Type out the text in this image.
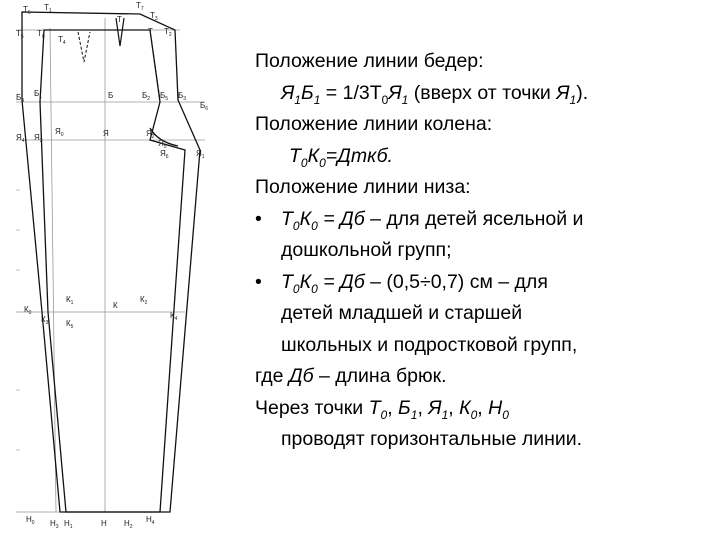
$Т_6$
$Т_1$
$Т_7$
$Т_3$
$Т_5$ $Т_0$ $Т_4$
Т
Т $Т_2$
$Б_4$
$Б_1$	Б	$Б_2$ $Б_5$ $Б_3$
$Б_6$
$Я_4$ $Я_3$
$Я_0$	Я	$Я_2$
$Я_5$
$Я_6$	$Я_1$
$К_0$
$К_3$
$К_1$
$К_5$
К
$К_2$
$К_4$
$Н_0$ $Н_3$ $Н_1$	Н $Н_2$
$Н_4$
Положение линии бедер:
$Я_1Б_1 = 1/3Т_0Я_1$ (вверх от точки $Я_1$).
Положение линии колена:
$Т_0К_0=Дткб$.
Положение линии низа:
• $Т_0К_0$ = Дб – для детей ясельной и
дошкольной групп;
• $Т_0К_0$ = Дб – (0,5÷0,7) см – для
детей младшей и старшей
школьных и подростковой групп,
где Дб – длина брюк.
Через точки $Т_0$, $Б_1$, $Я_1$, $К_0$, $Н_0$
проводят горизонтальные линии.
